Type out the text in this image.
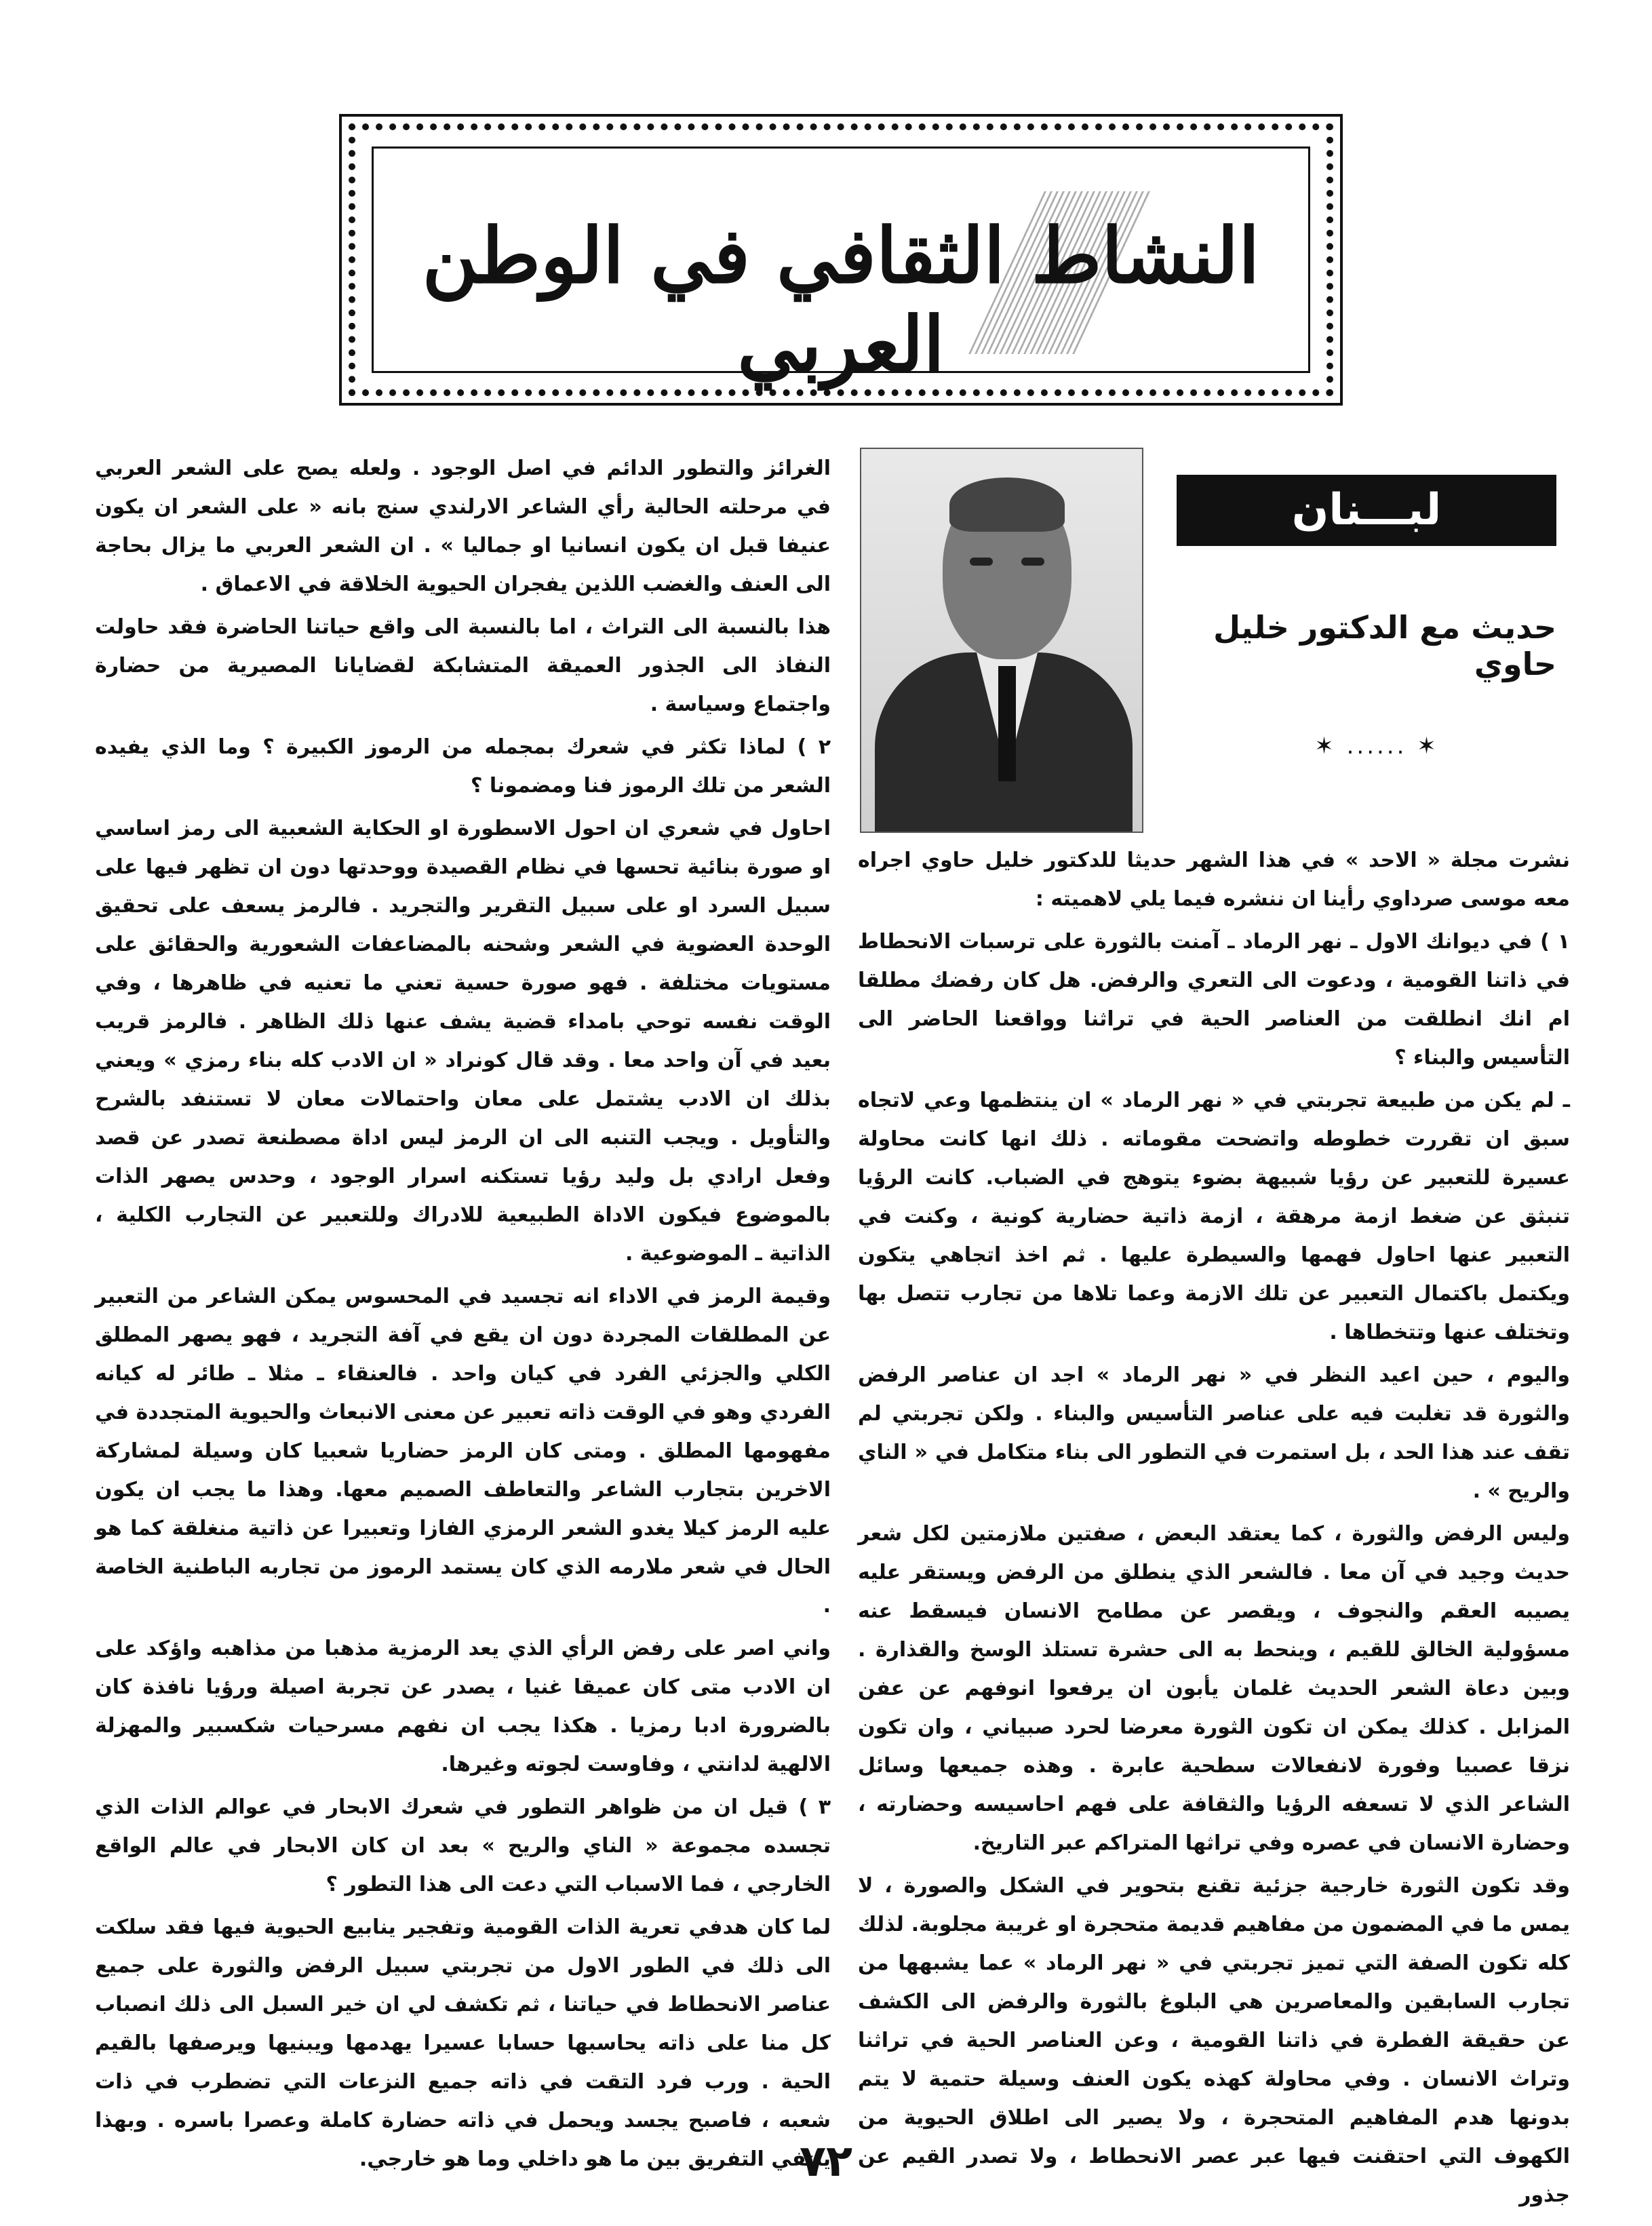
النشاط الثقافي في الوطن العربي
لبـــنان
حديث مع الدكتور خليل حاوي
✶ ...... ✶

نشرت مجلة « الاحد » في هذا الشهر حديثا للدكتور خليل حاوي اجراه معه موسى صرداوي رأينا ان ننشره فيما يلي لاهميته :

١ ) في ديوانك الاول ـ نهر الرماد ـ آمنت بالثورة على ترسبات الانحطاط في ذاتنا القومية ، ودعوت الى التعري والرفض. هل كان رفضك مطلقا ام انك انطلقت من العناصر الحية في تراثنا وواقعنا الحاضر الى التأسيس والبناء ؟

ـ لم يكن من طبيعة تجربتي في « نهر الرماد » ان ينتظمها وعي لاتجاه سبق ان تقررت خطوطه واتضحت مقوماته . ذلك انها كانت محاولة عسيرة للتعبير عن رؤيا شبيهة بضوء يتوهج في الضباب. كانت الرؤيا تنبثق عن ضغط ازمة مرهقة ، ازمة ذاتية حضارية كونية ، وكنت في التعبير عنها احاول فهمها والسيطرة عليها . ثم اخذ اتجاهي يتكون ويكتمل باكتمال التعبير عن تلك الازمة وعما تلاها من تجارب تتصل بها وتختلف عنها وتتخطاها .

واليوم ، حين اعيد النظر في « نهر الرماد » اجد ان عناصر الرفض والثورة قد تغلبت فيه على عناصر التأسيس والبناء . ولكن تجربتي لم تقف عند هذا الحد ، بل استمرت في التطور الى بناء متكامل في « الناي والريح » .

وليس الرفض والثورة ، كما يعتقد البعض ، صفتين ملازمتين لكل شعر حديث وجيد في آن معا . فالشعر الذي ينطلق من الرفض ويستقر عليه يصيبه العقم والنجوف ، ويقصر عن مطامح الانسان فيسقط عنه مسؤولية الخالق للقيم ، وينحط به الى حشرة تستلذ الوسخ والقذارة . وبين دعاة الشعر الحديث غلمان يأبون ان يرفعوا انوفهم عن عفن المزابل . كذلك يمكن ان تكون الثورة معرضا لحرد صبياني ، وان تكون نزقا عصبيا وفورة لانفعالات سطحية عابرة . وهذه جميعها وسائل الشاعر الذي لا تسعفه الرؤيا والثقافة على فهم احاسيسه وحضارته ، وحضارة الانسان في عصره وفي تراثها المتراكم عبر التاريخ.

وقد تكون الثورة خارجية جزئية تقنع بتحوير في الشكل والصورة ، لا يمس ما في المضمون من مفاهيم قديمة متحجرة او غريبة مجلوبة. لذلك كله تكون الصفة التي تميز تجربتي في « نهر الرماد » عما يشبهها من تجارب السابقين والمعاصرين هي البلوغ بالثورة والرفض الى الكشف عن حقيقة الفطرة في ذاتنا القومية ، وعن العناصر الحية في تراثنا وتراث الانسان . وفي محاولة كهذه يكون العنف وسيلة حتمية لا يتم بدونها هدم المفاهيم المتحجرة ، ولا يصير الى اطلاق الحيوية من الكهوف التي احتقنت فيها عبر عصر الانحطاط ، ولا تصدر القيم عن جذور

الغرائز والتطور الدائم في اصل الوجود . ولعله يصح على الشعر العربي في مرحلته الحالية رأي الشاعر الارلندي سنج بانه « على الشعر ان يكون عنيفا قبل ان يكون انسانيا او جماليا » . ان الشعر العربي ما يزال بحاجة الى العنف والغضب اللذين يفجران الحيوية الخلاقة في الاعماق .

هذا بالنسبة الى التراث ، اما بالنسبة الى واقع حياتنا الحاضرة فقد حاولت النفاذ الى الجذور العميقة المتشابكة لقضايانا المصيرية من حضارة واجتماع وسياسة .

٢ ) لماذا تكثر في شعرك بمجمله من الرموز الكبيرة ؟ وما الذي يفيده الشعر من تلك الرموز فنا ومضمونا ؟

احاول في شعري ان احول الاسطورة او الحكاية الشعبية الى رمز اساسي او صورة بنائية تحسها في نظام القصيدة ووحدتها دون ان تظهر فيها على سبيل السرد او على سبيل التقرير والتجريد . فالرمز يسعف على تحقيق الوحدة العضوية في الشعر وشحنه بالمضاعفات الشعورية والحقائق على مستويات مختلفة . فهو صورة حسية تعني ما تعنيه في ظاهرها ، وفي الوقت نفسه توحي بامداء قضية يشف عنها ذلك الظاهر . فالرمز قريب بعيد في آن واحد معا . وقد قال كونراد « ان الادب كله بناء رمزي » ويعني بذلك ان الادب يشتمل على معان واحتمالات معان لا تستنفد بالشرح والتأويل . ويجب التنبه الى ان الرمز ليس اداة مصطنعة تصدر عن قصد وفعل ارادي بل وليد رؤيا تستكنه اسرار الوجود ، وحدس يصهر الذات بالموضوع فيكون الاداة الطبيعية للادراك وللتعبير عن التجارب الكلية ، الذاتية ـ الموضوعية .

وقيمة الرمز في الاداء انه تجسيد في المحسوس يمكن الشاعر من التعبير عن المطلقات المجردة دون ان يقع في آفة التجريد ، فهو يصهر المطلق الكلي والجزئي الفرد في كيان واحد . فالعنقاء ـ مثلا ـ طائر له كيانه الفردي وهو في الوقت ذاته تعبير عن معنى الانبعاث والحيوية المتجددة في مفهومها المطلق . ومتى كان الرمز حضاريا شعبيا كان وسيلة لمشاركة الاخرين بتجارب الشاعر والتعاطف الصميم معها. وهذا ما يجب ان يكون عليه الرمز كيلا يغدو الشعر الرمزي الفازا وتعبيرا عن ذاتية منغلقة كما هو الحال في شعر ملارمه الذي كان يستمد الرموز من تجاربه الباطنية الخاصة .

واني اصر على رفض الرأي الذي يعد الرمزية مذهبا من مذاهبه واؤكد على ان الادب متى كان عميقا غنيا ، يصدر عن تجربة اصيلة ورؤيا نافذة كان بالضرورة ادبا رمزيا . هكذا يجب ان نفهم مسرحيات شكسبير والمهزلة الالهية لدانتي ، وفاوست لجوته وغيرها.

٣ ) قيل ان من ظواهر التطور في شعرك الابحار في عوالم الذات الذي تجسده مجموعة « الناي والريح » بعد ان كان الابحار في عالم الواقع الخارجي ، فما الاسباب التي دعت الى هذا التطور ؟

لما كان هدفي تعرية الذات القومية وتفجير ينابيع الحيوية فيها فقد سلكت الى ذلك في الطور الاول من تجربتي سبيل الرفض والثورة على جميع عناصر الانحطاط في حياتنا ، ثم تكشف لي ان خير السبل الى ذلك انصباب كل منا على ذاته يحاسبها حسابا عسيرا يهدمها ويبنيها ويرصفها بالقيم الحية . ورب فرد التقت في ذاته جميع النزعات التي تضطرب في ذات شعبه ، فاصبح يجسد ويحمل في ذاته حضارة كاملة وعصرا باسره . وبهذا ينتفي التفريق بين ما هو داخلي وما هو خارجي.

٧٢
